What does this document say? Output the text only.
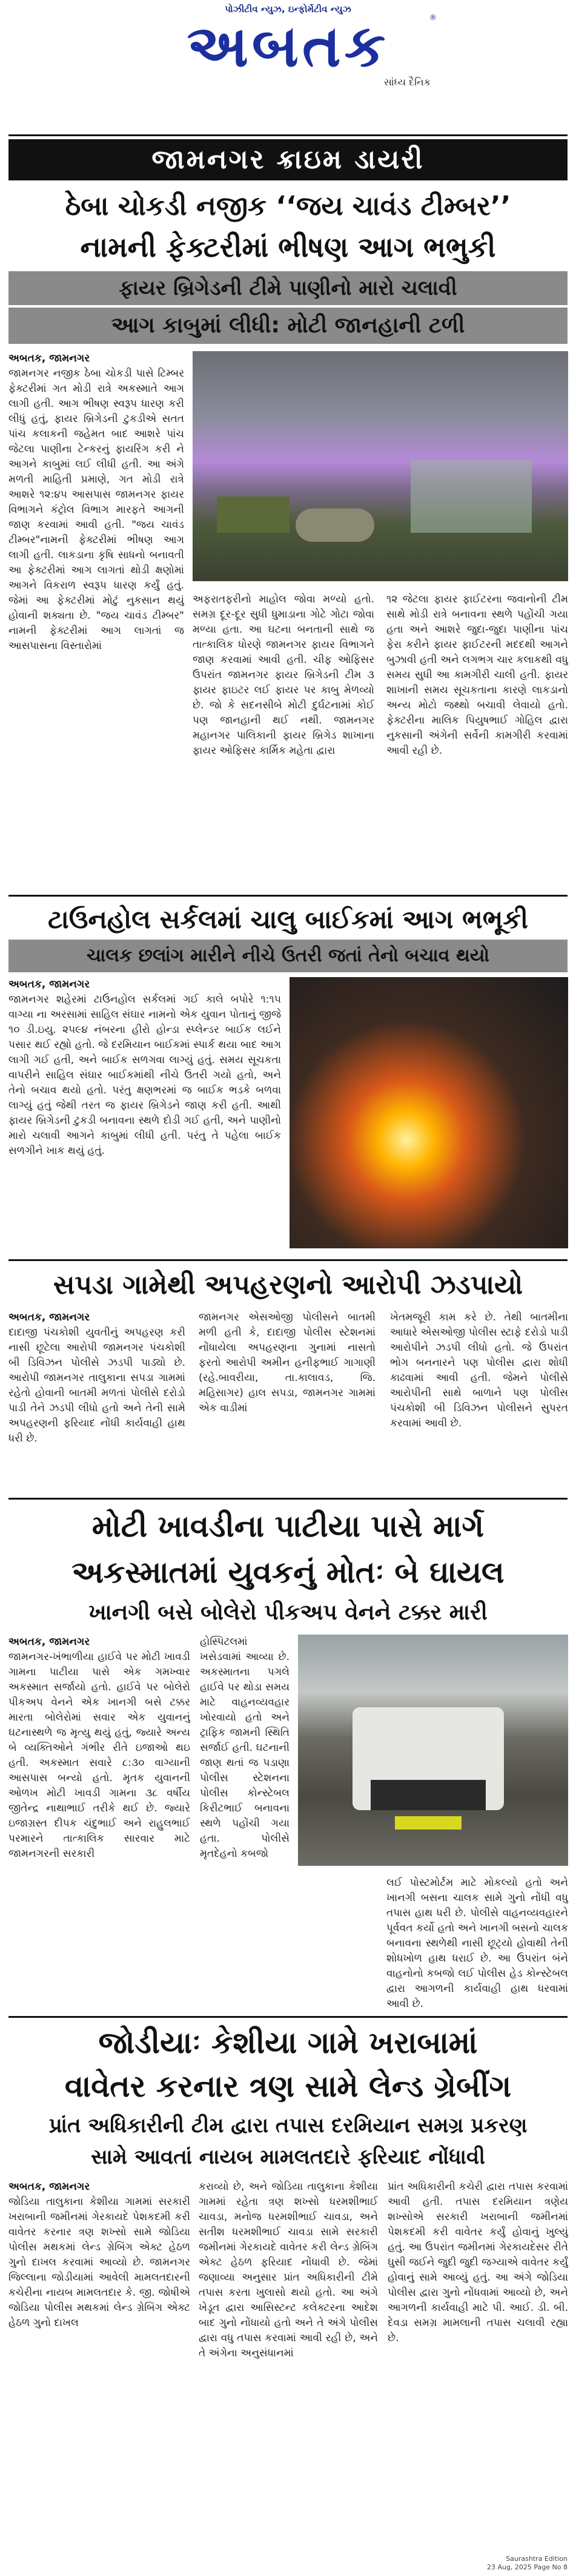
પોઝીટીવ ન્યુઝ, ઇન્ફોર્મેટીવ ન્યુઝ
અબતક	®
સાંધ્ય દૈનિક
જામનગર ક્રાઇમ ડાયરી
ઠેબા ચોકડી નજીક ‘‘જય ચાવંડ ટીમ્બર’’
નામની ફેક્ટરીમાં ભીષણ આગ ભભુકી
ફાયર બ્રિગેડની ટીમે પાણીનો મારો ચલાવી
આગ કાબુમાં લીધી: મોટી જાનહાની ટળી
અબતક, જામનગર
જામનગર નજીક ઠેબા ચોકડી પાસે ટિમ્બર ફેક્ટરીમાં ગત મોડી રાત્રે અકસ્માતે આગ લાગી હતી. આગ ભીષણ સ્વરૂપ ધારણ કરી લીધું હતું, ફાયર બ્રિગેડની ટુકડીએ સતત પાંચ કલાકની જહેમત બાદ આશરે પાંચ જેટલા પાણીના ટેન્કરનું ફાયરિંગ કરી ને આગને કાબુમાં લઈ લીધી હતી. આ અંગે મળતી માહિતી પ્રમાણે, ગત મોડી રાત્રે આશરે ૧૨:૪૫ આસપાસ જામનગર ફાયર વિભાગને કંટ્રોલ વિભાગ મારફતે આગની જાણ કરવામાં આવી હતી. "જય ચાવંડ ટીમ્બર"નામની ફેક્ટરીમાં ભીષણ આગ લાગી હતી. લાકડાના કૃષિ સાધનો બનાવતી આ ફેક્ટરીમાં આગ લાગતાં થોડી ક્ષણોમાં આગને વિકરાળ સ્વરૂપ ધારણ કર્યું હતું. જેમાં આ ફેક્ટરીમાં મોટું નુકસાન થયું હોવાની શક્યતા છે. "જય ચાવંડ ટીમ્બર" નામની ફેક્ટરીમાં આગ લાગતાં જ આસપાસના વિસ્તારોમાં
અફરાતફરીનો માહોલ જોવા મળ્યો હતો. સમગ્ર દૂર-દૂર સુધી ધુમાડાના ગોટે ગોટા જોવા મળ્યા હતા. આ ઘટના બનતાની સાથે જ તાત્કાલિક ધોરણે જામનગર ફાયર વિભાગને જાણ કરવામાં આવી હતી. ચીફ ઓફિસર ઉપરાંત જામનગર ફાયર બ્રિગેડની ટીમ ૩ ફાયર ફાઇટર લઈ ફાયર પર કાબુ મેળવ્યો છે. જો કે સદનસીબે મોટી દુર્ઘટનામાં કોઈ પણ જાનહાની થઈ નથી. જામનગર મહાનગર પાલિકાની ફાયર બ્રિગેડ શાખાના ફાયર ઓફિસર કાર્મિક મહેતા દ્વારા
૧૨ જેટલા ફાયર ફાઈટરના જવાનોની ટીમ સાથે મોડી રાત્રે બનાવના સ્થળે પહોંચી ગયા હતા અને આશરે જુદા-જુદા પાણીના પાંચ ફેરા કરીને ફાયર ફાઈટરની મદદથી આગને બુઝાવી હતી અને લગભગ ચાર કલાકથી વધુ સમય સુધી આ કામગીરી ચાલી હતી. ફાયર શાખાની સમય સૂચકતાના કારણે લાકડાનો અન્ય મોટો જથ્થો બચાવી લેવાયો હતો. ફેક્ટરીના માલિક પિયુષભાઈ ગોહિલ દ્વારા નુકસાની અંગેની સર્વેની કામગીરી કરવામાં આવી રહી છે.
ટાઉનહોલ સર્કલમાં ચાલુ બાઈકમાં આગ ભભૂકી
ચાલક છલાંગ મારીને નીચે ઉતરી જતાં તેનો બચાવ થયો
અબતક, જામનગર
જામનગર શહેરમાં ટાઉનહોલ સર્કલમાં ગઈ કાલે બપોરે ૧:૧૫ વાગ્યા ના અરસામાં સાહિલ સંઘાર નામનો એક યુવાન પોતાનું જીજે ૧૦ ડી.ઇયુ. ૨૫૯૪ નંબરના હીરો હોન્ડા સ્પ્લેન્ડર બાઈક લઈને પસાર થઈ રહ્યો હતો. જે દરમિયાન બાઈકમાં સ્પાર્ક થયા બાદ આગ લાગી ગઈ હતી, અને બાઈક સળગવા લાગ્યું હતું. સમય સૂચકતા વાપરીને સાહિલ સંઘાર બાઈકમાંથી નીચે ઉતરી ગયો હતો, અને તેનો બચાવ થયો હતો. પરંતુ ક્ષણભરમાં જ બાઈક ભડકે બળવા લાગ્યું હતું જેથી તરત જ ફાયર બ્રિગેડને જાણ કરી હતી. આથી ફાયર બ્રિગેડની ટુકડી બનાવના સ્થળે દોડી ગઈ હતી, અને પાણીનો મારો ચલાવી આગને કાબુમાં લીધી હતી. પરંતુ તે પહેલા બાઈક સળગીને ખાક થયું હતું.
સપડા ગામેથી અપહરણનો આરોપી ઝડપાયો
અબતક, જામનગર
દાદાજી પંચકોશી યુવતીનું અપહરણ કરી નાસી છૂટેલા આરોપી જામનગર પંચકોશી બી ડિવિઝન પોલીસે ઝડપી પાડ્યો છે. આરોપી જામનગર તાલુકાના સપડા ગામમાં રહેતો હોવાની બાતમી મળતાં પોલીસે દરોડો પાડી તેને ઝડપી લીધો હતો અને તેની સામે અપહરણની ફરિયાદ નોંધી કાર્યવાહી હાથ ધરી છે.
જામનગર એસઓજી પોલીસને બાતમી મળી હતી કે, દાદાજી પોલીસ સ્ટેશનમાં નોંધાયેલા અપહરણના ગુનામાં નાસતો ફરતો આરોપી અમીન હનીફભાઈ ગાગાણી (રહે.બાવરીયા, તા.કાલાવડ, જિ. મહિસાગર) હાલ સપડા, જામનગર ગામમાં એક વાડીમાં
ખેતમજૂરી કામ કરે છે. તેથી બાતમીના આધારે એસઓજી પોલીસ સ્ટાફે દરોડો પાડી આરોપીને ઝડપી લીધો હતો. જે ઉપરાંત ભોગ બનનારને પણ પોલીસ દ્વારા શોધી કાઢવામાં આવી હતી. જેમને પોલીસે આરોપીની સાથે બાળાને પણ પોલીસ પંચકોશી બી ડિવિઝન પોલીસને સુપરત કરવામાં આવી છે.
મોટી ખાવડીના પાટીયા પાસે માર્ગ
અકસ્માતમાં યુવકનું મોતઃ બે ઘાયલ
ખાનગી બસે બોલેરો પીકઅપ વેનને ટક્કર મારી
અબતક, જામનગર
જામનગર-ખંભાળીયા હાઈવે પર મોટી ખાવડી ગામના પાટીયા પાસે એક ગમખ્વાર અકસ્માત સર્જાયો હતો. હાઈવે પર બોલેરો પીકઅપ વેનને એક ખાનગી બસે ટક્કર મારતા બોલેરોમાં સવાર એક યુવાનનું ઘટનાસ્થળે જ મૃત્યુ થયું હતું, જ્યારે અન્ય બે વ્યક્તિઓને ગંભીર રીતે ઇજાઓ થઇ હતી. અકસ્માત સવારે ૮:૩૦ વાગ્યાની આસપાસ બન્યો હતો. મૃતક યુવાનની ઓળખ મોટી ખાવડી ગામના ૩૮ વર્ષીય જીતેન્દ્ર નાથાભાઈ તરીકે થઈ છે. જ્યારે ઇજાગ્રસ્ત દીપક ચંદુભાઈ અને રાહુલભાઈ પરમારને તાત્કાલિક સારવાર માટે જામનગરની સરકારી
હોસ્પિટલમાં ખસેડવામાં આવ્યા છે. અકસ્માતના પગલે હાઈવે પર થોડા સમય માટે વાહનવ્યવહાર ખોરવાયો હતો અને ટ્રાફિક જામની સ્થિતિ સર્જાઈ હતી. ઘટનાની જાણ થતાં જ પડાણા પોલીસ સ્ટેશનના પોલીસ કોન્સ્ટેબલ કિરીટભાઈ બનાવના સ્થળે પહોંચી ગયા હતા. પોલીસે મૃતદેહનો કબજો
લઈ પોસ્ટમોર્ટમ માટે મોકલ્યો હતો અને ખાનગી બસના ચાલક સામે ગુનો નોંધી વધુ તપાસ હાથ ધરી છે. પોલીસે વાહનવ્યવહારને પૂર્વવત કર્યો હતો અને ખાનગી બસનો ચાલક બનાવના સ્થળેથી નાસી છૂટ્યો હોવાથી તેની શોધખોળ હાથ ધરાઈ છે. આ ઉપરાંત બંને વાહનોનો કબજો લઈ પોલીસ હેડ કોન્સ્ટેબલ દ્વારા આગળની કાર્યવાહી હાથ ધરવામાં આવી છે.
જોડીયાઃ કેશીયા ગામે ખરાબામાં
વાવેતર કરનાર ત્રણ સામે લેન્ડ ગ્રેબીંગ
પ્રાંત અધિકારીની ટીમ દ્વારા તપાસ દરમિયાન સમગ્ર પ્રકરણ
સામે આવતાં નાયબ મામલતદારે ફરિયાદ નોંધાવી
અબતક, જામનગર
જોડિયા તાલુકાના કેશીયા ગામમાં સરકારી ખરાબાની જમીનમાં ગેરકાયદે પેશકદમી કરી વાવેતર કરનાર ત્રણ શખ્સો સામે જોડિયા પોલીસ મથકમાં લેન્ડ ગ્રેબિંગ એક્ટ હેઠળ ગુનો દાખલ કરવામાં આવ્યો છે. જામનગર જિલ્લાના જોડીયામાં આવેલી મામલતદારની કચેરીના નાયબ મામલતદાર કે. જી. જોષીએ જોડિયા પોલીસ મથકમાં લેન્ડ ગ્રેબિંગ એક્ટ હેઠળ ગુનો દાખલ
કરાવ્યો છે, અને જોડિયા તાલુકાના કેશીયા ગામમાં રહેતા ત્રણ શખ્સો ધરમશીભાઈ ચાવડા, મનોજ ધરમશીભાઈ ચાવડા, અને સતીશ ધરમશીભાઈ ચાવડા સામે સરકારી જમીનમાં ગેરકાયદે વાવેતર કરી લેન્ડ ગ્રેબિંગ એક્ટ હેઠળ ફરિયાદ નોંધાવી છે. જેમાં જણાવ્યા અનુસાર પ્રાંત અધિકારીની ટીમે તપાસ કરતા ખુલાસો થયો હતો. આ અંગે ખેડૂત દ્વારા આસિસ્ટન્ટ કલેક્ટરના આદેશ બાદ ગુનો નોંધાયો હતો અને તે અંગે પોલીસ દ્વારા વધુ તપાસ કરવામાં આવી રહી છે, અને તે અંગેના અનુસંધાનમાં
પ્રાંત અધિકારીની કચેરી દ્વારા તપાસ કરવામાં આવી હતી. તપાસ દરમિયાન ત્રણેય શખ્સોએ સરકારી ખરાબાની જમીનમાં પેશકદમી કરી વાવેતર કર્યું હોવાનું ખુલ્યું હતું. આ ઉપરાંત જમીનમાં ગેરકાયદેસર રીતે ઘુસી જઈને જુદી જુદી જગ્યાએ વાવેતર કર્યું હોવાનું સામે આવ્યું હતું. આ અંગે જોડિયા પોલીસ દ્વારા ગુનો નોંધવામાં આવ્યો છે, અને આગળની કાર્યવાહી માટે પી. આઈ. ડી. બી. દેવડા સમગ્ર મામલાની તપાસ ચલાવી રહ્યા છે.
Saurashtra Edition
23 Aug, 2025 Page No 8
